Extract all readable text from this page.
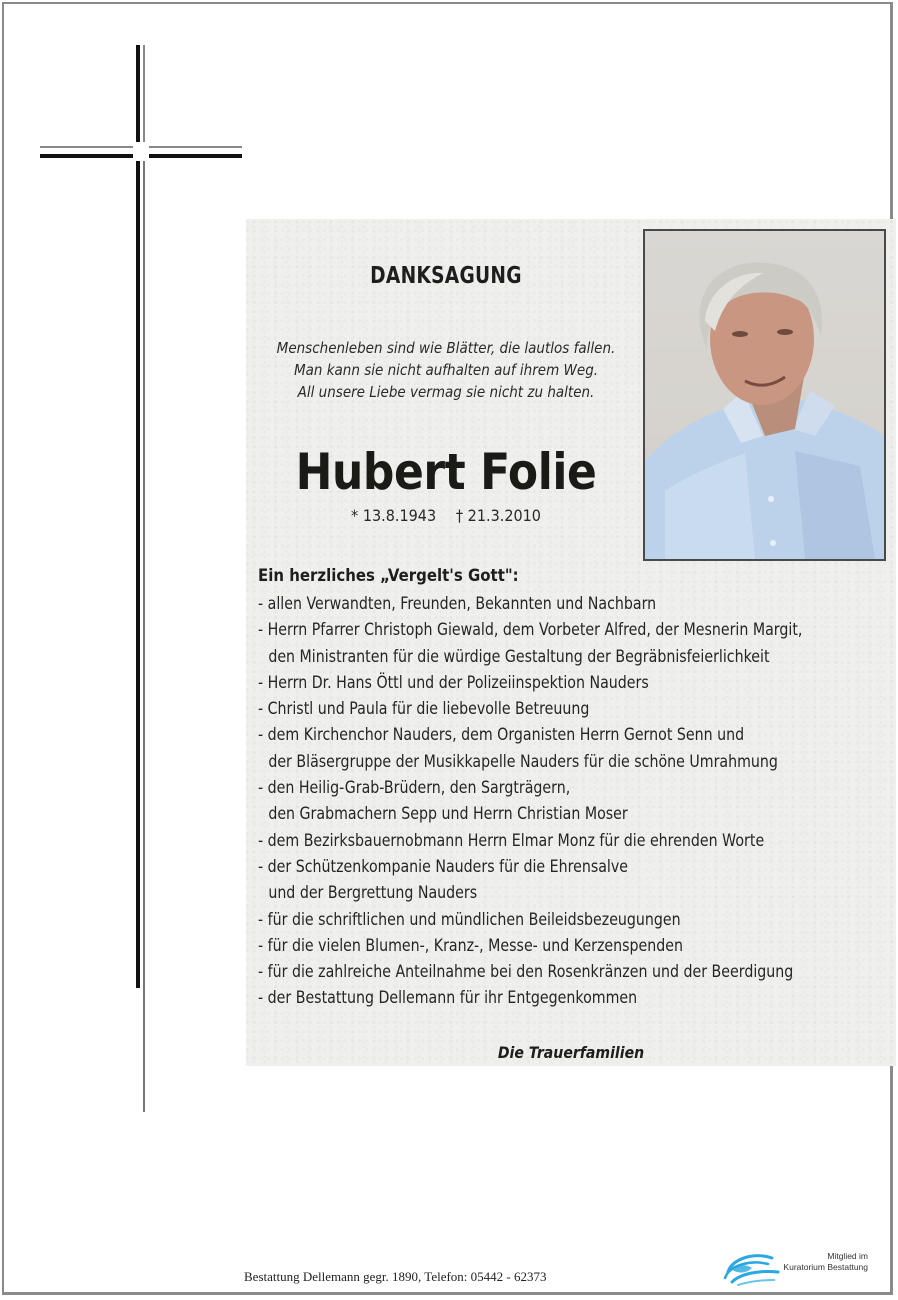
DANKSAGUNG
Menschenleben sind wie Blätter, die lautlos fallen.
Man kann sie nicht aufhalten auf ihrem Weg.
All unsere Liebe vermag sie nicht zu halten.
Hubert Folie
* 13.8.1943 † 21.3.2010
Ein herzliches „Vergelt's Gott":
- allen Verwandten, Freunden, Bekannten und Nachbarn
- Herrn Pfarrer Christoph Giewald, dem Vorbeter Alfred, der Mesnerin Margit,
den Ministranten für die würdige Gestaltung der Begräbnisfeierlichkeit
- Herrn Dr. Hans Öttl und der Polizeiinspektion Nauders
- Christl und Paula für die liebevolle Betreuung
- dem Kirchenchor Nauders, dem Organisten Herrn Gernot Senn und
der Bläsergruppe der Musikkapelle Nauders für die schöne Umrahmung
- den Heilig-Grab-Brüdern, den Sargträgern,
den Grabmachern Sepp und Herrn Christian Moser
- dem Bezirksbauernobmann Herrn Elmar Monz für die ehrenden Worte
- der Schützenkompanie Nauders für die Ehrensalve
und der Bergrettung Nauders
- für die schriftlichen und mündlichen Beileidsbezeugungen
- für die vielen Blumen-, Kranz-, Messe- und Kerzenspenden
- für die zahlreiche Anteilnahme bei den Rosenkränzen und der Beerdigung
- der Bestattung Dellemann für ihr Entgegenkommen
Die Trauerfamilien
Bestattung Dellemann gegr. 1890, Telefon: 05442 - 62373
Mitglied im
Kuratorium Bestattung
